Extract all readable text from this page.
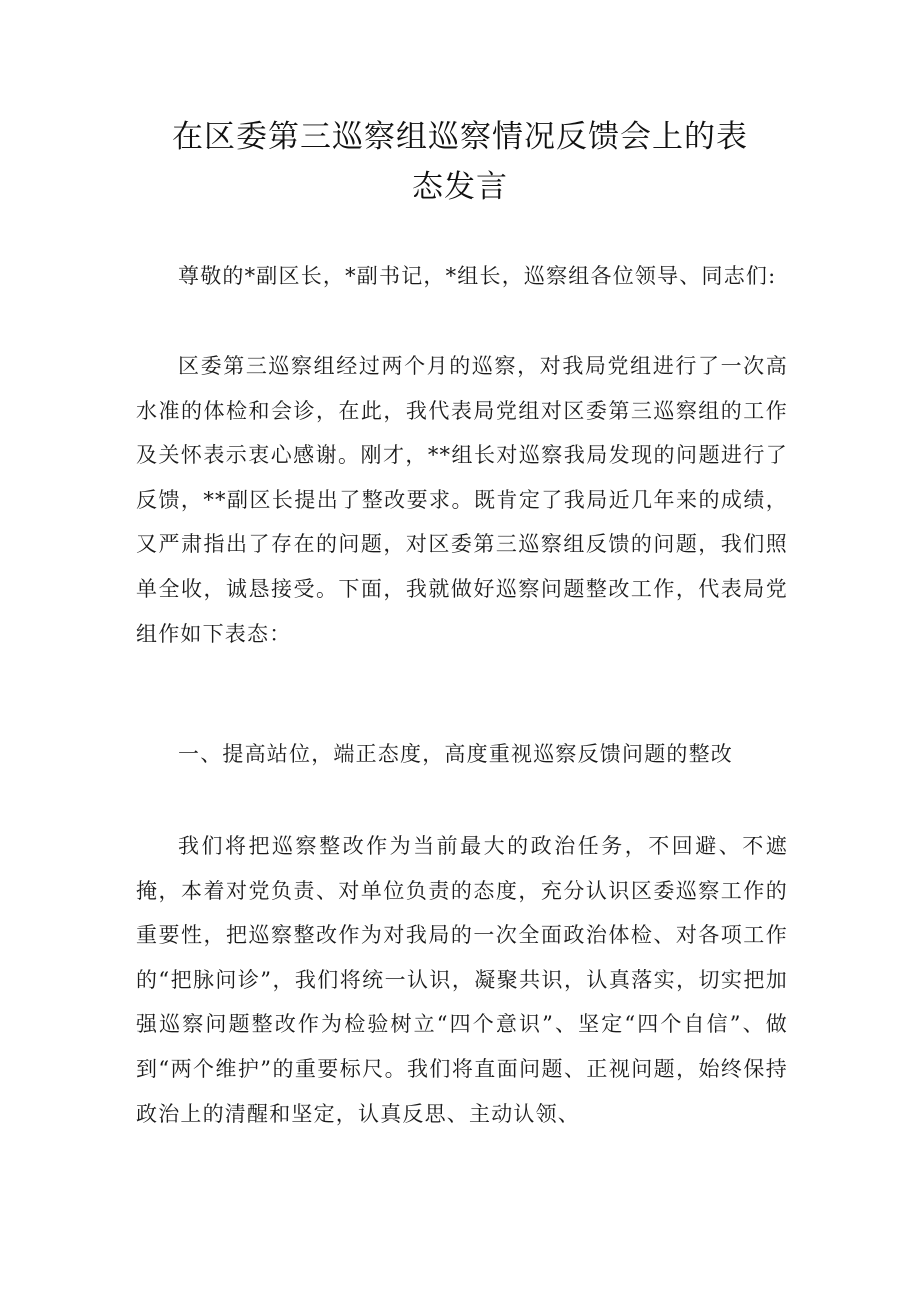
在区委第三巡察组巡察情况反馈会上的表
态发言

尊敬的*副区长，*副书记，*组长，巡察组各位领导、同志们:

区委第三巡察组经过两个月的巡察，对我局党组进行了一次高水准的体检和会诊，在此，我代表局党组对区委第三巡察组的工作及关怀表示衷心感谢。刚才，**组长对巡察我局发现的问题进行了反馈，**副区长提出了整改要求。既肯定了我局近几年来的成绩，又严肃指出了存在的问题，对区委第三巡察组反馈的问题，我们照单全收，诚恳接受。下面，我就做好巡察问题整改工作，代表局党组作如下表态：

一、提高站位，端正态度，高度重视巡察反馈问题的整改

我们将把巡察整改作为当前最大的政治任务，不回避、不遮掩，本着对党负责、对单位负责的态度，充分认识区委巡察工作的重要性，把巡察整改作为对我局的一次全面政治体检、对各项工作的“把脉问诊”，我们将统一认识，凝聚共识，认真落实，切实把加强巡察问题整改作为检验树立“四个意识”、坚定“四个自信”、做到“两个维护”的重要标尺。我们将直面问题、正视问题，始终保持政治上的清醒和坚定，认真反思、主动认领、
